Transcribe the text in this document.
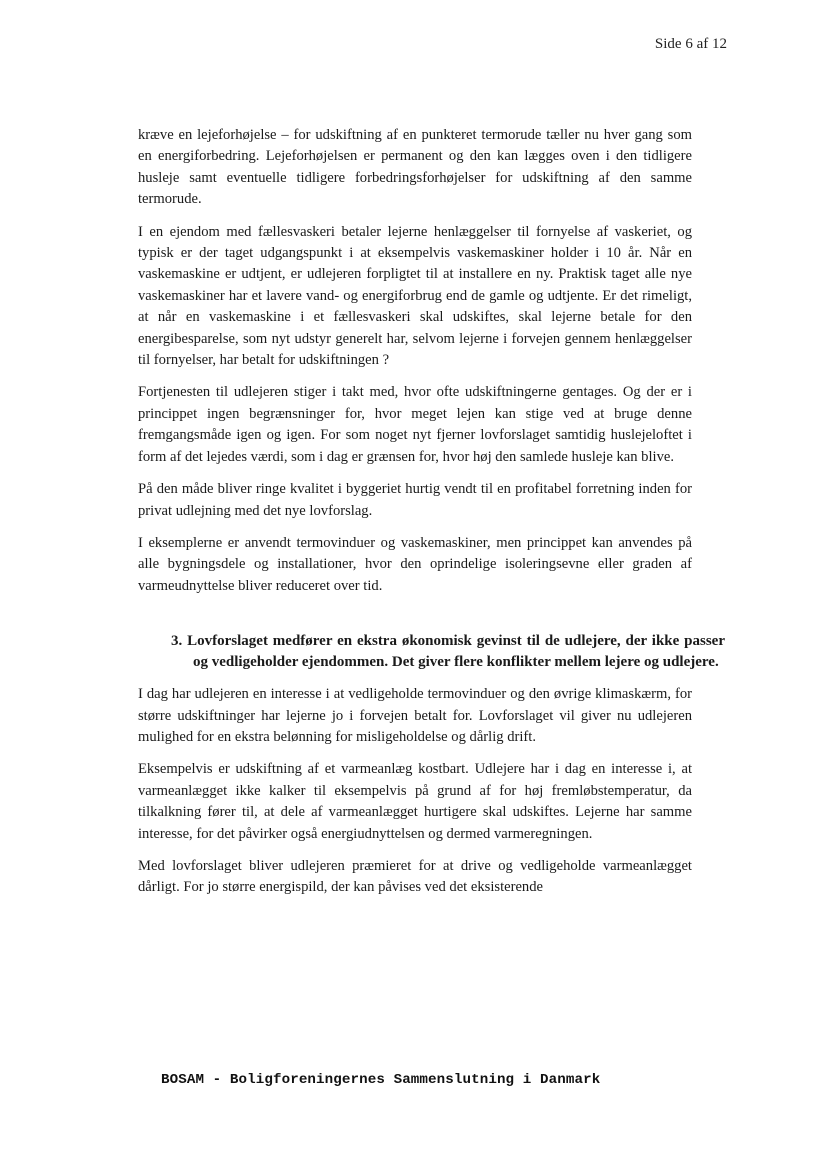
Side 6 af 12

kræve en lejeforhøjelse – for udskiftning af en punkteret termorude tæller nu hver gang som en energiforbedring. Lejeforhøjelsen er permanent og den kan lægges oven i den tidligere husleje samt eventuelle tidligere forbedringsforhøjelser for udskiftning af den samme termorude.

I en ejendom med fællesvaskeri betaler lejerne henlæggelser til fornyelse af vaskeriet, og typisk er der taget udgangspunkt i at eksempelvis vaskemaskiner holder i 10 år. Når en vaskemaskine er udtjent, er udlejeren forpligtet til at installere en ny. Praktisk taget alle nye vaskemaskiner har et lavere vand- og energiforbrug end de gamle og udtjente. Er det rimeligt, at når en vaskemaskine i et fællesvaskeri skal udskiftes, skal lejerne betale for den energibesparelse, som nyt udstyr generelt har, selvom lejerne i forvejen gennem henlæggelser til fornyelser, har betalt for udskiftningen ?

Fortjenesten til udlejeren stiger i takt med, hvor ofte udskiftningerne gentages. Og der er i princippet ingen begrænsninger for, hvor meget lejen kan stige ved at bruge denne fremgangsmåde igen og igen. For som noget nyt fjerner lovforslaget samtidig huslejeloftet i form af det lejedes værdi, som i dag er grænsen for, hvor høj den samlede husleje kan blive.

På den måde bliver ringe kvalitet i byggeriet hurtig vendt til en profitabel forretning inden for privat udlejning med det nye lovforslag.

I eksemplerne er anvendt termovinduer og vaskemaskiner, men princippet kan anvendes på alle bygningsdele og installationer, hvor den oprindelige isoleringsevne eller graden af varmeudnyttelse bliver reduceret over tid.

3. Lovforslaget medfører en ekstra økonomisk gevinst til de udlejere, der ikke passer og vedligeholder ejendommen. Det giver flere konflikter mellem lejere og udlejere.

I dag har udlejeren en interesse i at vedligeholde termovinduer og den øvrige klimaskærm, for større udskiftninger har lejerne jo i forvejen betalt for. Lovforslaget vil giver nu udlejeren mulighed for en ekstra belønning for misligeholdelse og dårlig drift.

Eksempelvis er udskiftning af et varmeanlæg kostbart. Udlejere har i dag en interesse i, at varmeanlægget ikke kalker til eksempelvis på grund af for høj fremløbstemperatur, da tilkalkning fører til, at dele af varmeanlægget hurtigere skal udskiftes. Lejerne har samme interesse, for det påvirker også energiudnyttelsen og dermed varmeregningen.

Med lovforslaget bliver udlejeren præmieret for at drive og vedligeholde varmeanlægget dårligt. For jo større energispild, der kan påvises ved det eksisterende

BOSAM - Boligforeningernes Sammenslutning i Danmark
